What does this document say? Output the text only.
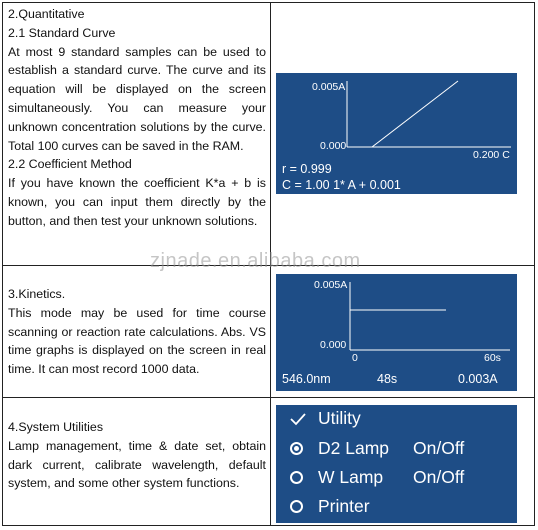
2.Quantitative

2.1 Standard Curve

At most 9 standard samples can be used to establish a standard curve. The curve and its equation will be displayed on the screen simultaneously. You can measure your unknown concentration solutions by the curve. Total 100 curves can be saved in the RAM.

2.2 Coefficient Method

If you have known the coefficient K*a + b is known, you can input them directly by the button, and then test your unknown solutions.

0.005A
0.000
0.200 C
r = 0.999
C = 1.00 1* A + 0.001

3.Kinetics.

This mode may be used for time course scanning or reaction rate calculations. Abs. VS time graphs is displayed on the screen in real time. It can most record 1000 data.

0.005A
0.000
0	60s
546.0nm	48s	0.003A

4.System Utilities

Lamp management, time & date set, obtain dark current, calibrate wavelength, default system, and some other system functions.

Utility
D2 Lamp On/Off
W Lamp On/Off
Printer
zjnade.en.alibaba.com
